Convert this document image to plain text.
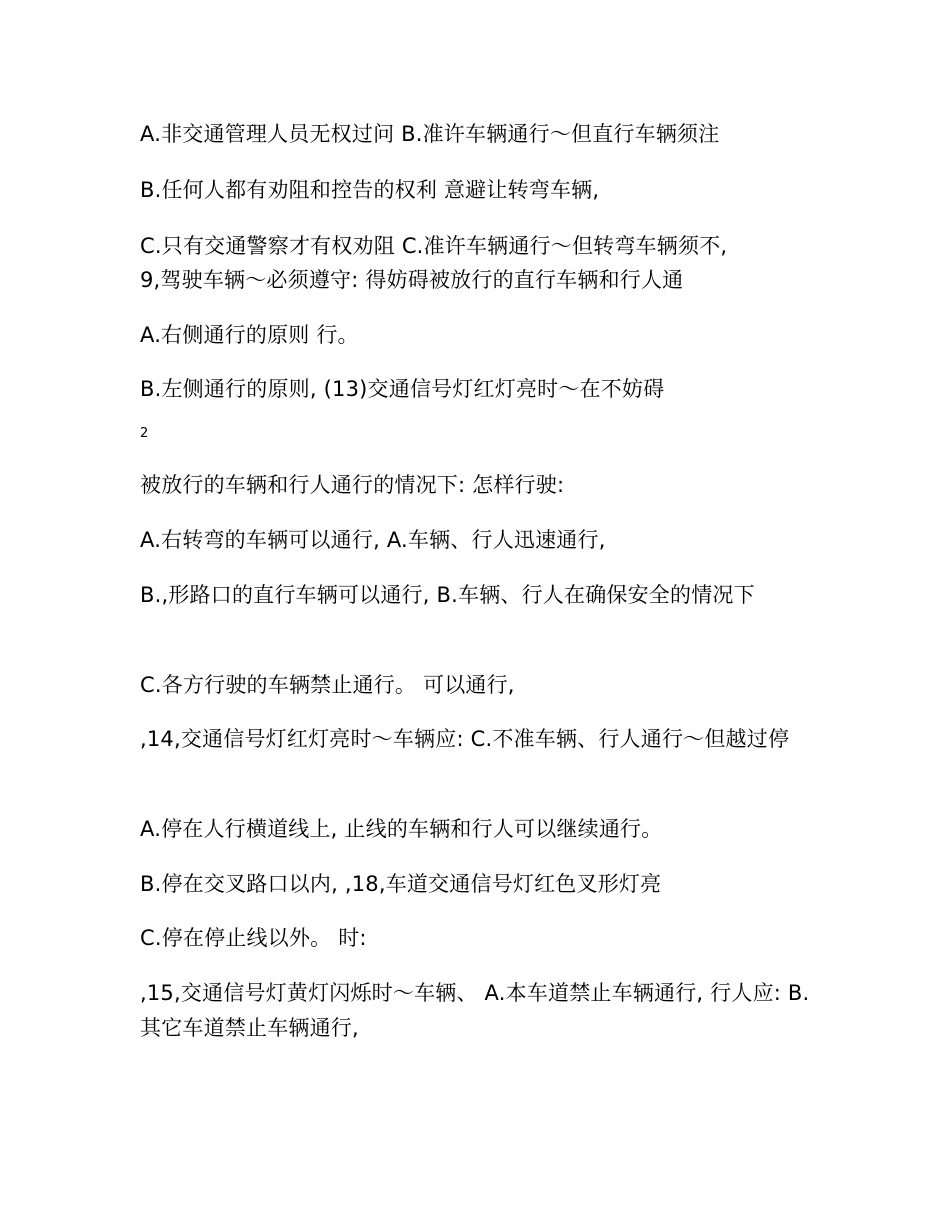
A.非交通管理人员无权过问 B.准许车辆通行～但直行车辆须注
B.任何人都有劝阻和控告的权利 意避让转弯车辆,
C.只有交通警察才有权劝阻 C.准许车辆通行～但转弯车辆须不,
9,驾驶车辆～必须遵守: 得妨碍被放行的直行车辆和行人通
A.右侧通行的原则 行。
B.左侧通行的原则, (13)交通信号灯红灯亮时～在不妨碍
2
被放行的车辆和行人通行的情况下: 怎样行驶:
A.右转弯的车辆可以通行, A.车辆、行人迅速通行,
B.,形路口的直行车辆可以通行, B.车辆、行人在确保安全的情况下
C.各方行驶的车辆禁止通行。 可以通行,
,14,交通信号灯红灯亮时～车辆应: C.不准车辆、行人通行～但越过停
A.停在人行横道线上, 止线的车辆和行人可以继续通行。
B.停在交叉路口以内, ,18,车道交通信号灯红色叉形灯亮
C.停在停止线以外。 时:
,15,交通信号灯黄灯闪烁时～车辆、 A.本车道禁止车辆通行, 行人应: B.其它车道禁止车辆通行,
